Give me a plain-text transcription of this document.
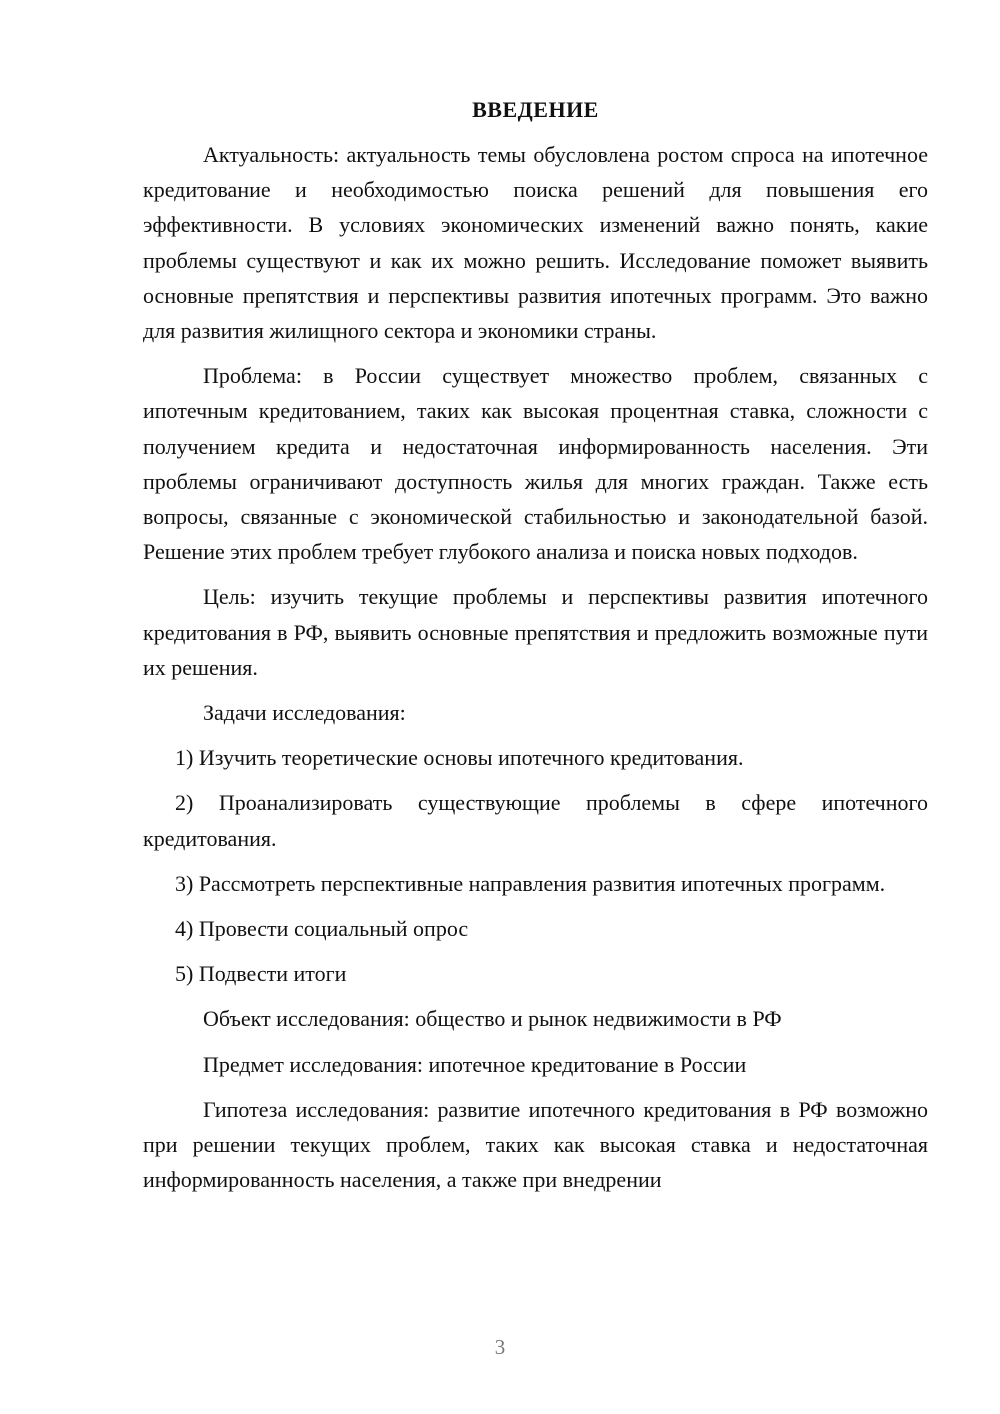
ВВЕДЕНИЕ

Актуальность: актуальность темы обусловлена ростом спроса на ипотечное кредитование и необходимостью поиска решений для повышения его эффективности. В условиях экономических изменений важно понять, какие проблемы существуют и как их можно решить. Исследование поможет выявить основные препятствия и перспективы развития ипотечных программ. Это важно для развития жилищного сектора и экономики страны.

Проблема: в России существует множество проблем, связанных с ипотечным кредитованием, таких как высокая процентная ставка, сложности с получением кредита и недостаточная информированность населения. Эти проблемы ограничивают доступность жилья для многих граждан. Также есть вопросы, связанные с экономической стабильностью и законодательной базой. Решение этих проблем требует глубокого анализа и поиска новых подходов.

Цель: изучить текущие проблемы и перспективы развития ипотечного кредитования в РФ, выявить основные препятствия и предложить возможные пути их решения.

Задачи исследования:

1) Изучить теоретические основы ипотечного кредитования.

2) Проанализировать существующие проблемы в сфере ипотечного кредитования.

3) Рассмотреть перспективные направления развития ипотечных программ.

4) Провести социальный опрос

5) Подвести итоги

Объект исследования: общество и рынок недвижимости в РФ

Предмет исследования: ипотечное кредитование в России

Гипотеза исследования: развитие ипотечного кредитования в РФ возможно при решении текущих проблем, таких как высокая ставка и недостаточная информированность населения, а также при внедрении

3
